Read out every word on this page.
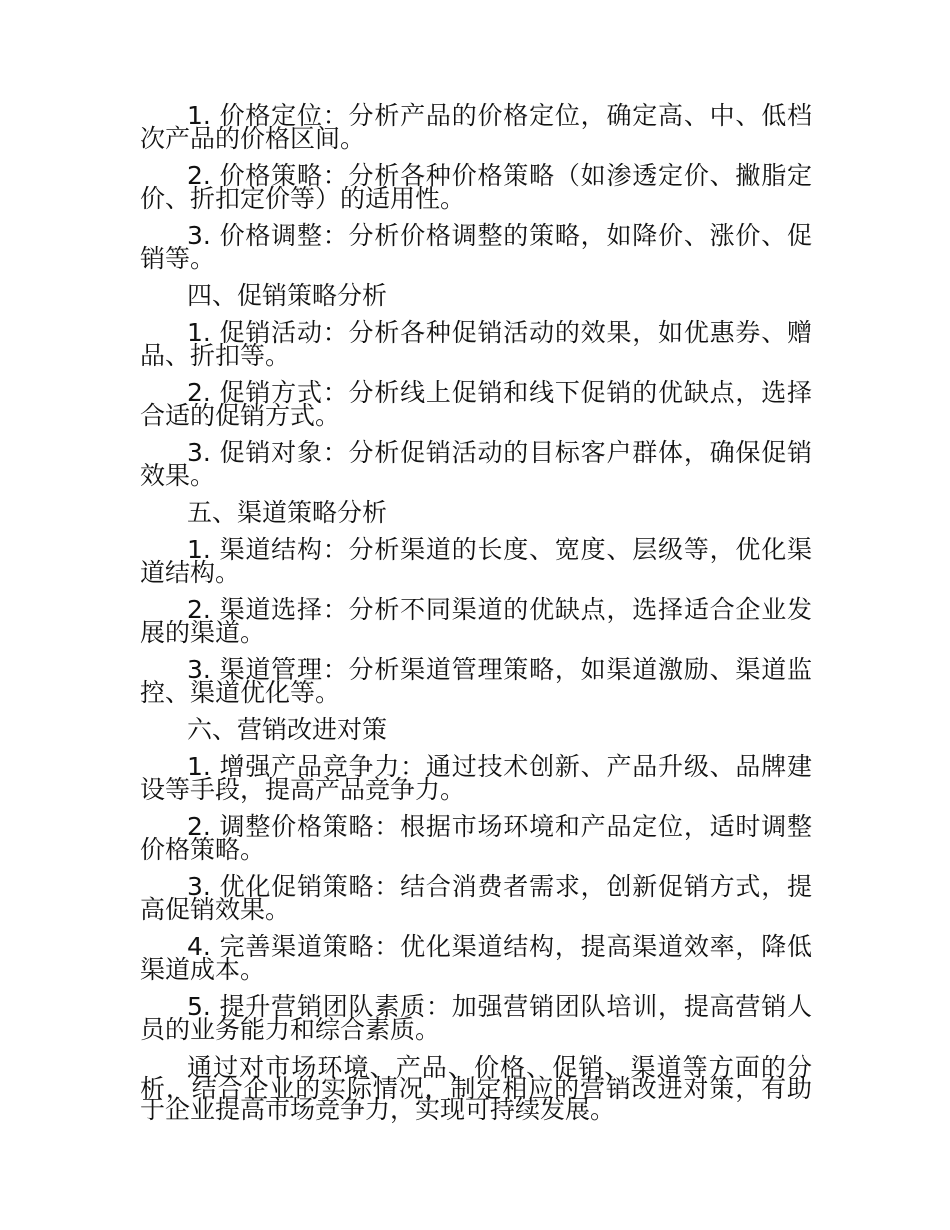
1. 价格定位：分析产品的价格定位，确定高、中、低档次产品的价格区间。

2. 价格策略：分析各种价格策略（如渗透定价、撇脂定价、折扣定价等）的适用性。

3. 价格调整：分析价格调整的策略，如降价、涨价、促销等。

四、促销策略分析

1. 促销活动：分析各种促销活动的效果，如优惠券、赠品、折扣等。

2. 促销方式：分析线上促销和线下促销的优缺点，选择合适的促销方式。

3. 促销对象：分析促销活动的目标客户群体，确保促销效果。

五、渠道策略分析

1. 渠道结构：分析渠道的长度、宽度、层级等，优化渠道结构。

2. 渠道选择：分析不同渠道的优缺点，选择适合企业发展的渠道。

3. 渠道管理：分析渠道管理策略，如渠道激励、渠道监控、渠道优化等。

六、营销改进对策

1. 增强产品竞争力：通过技术创新、产品升级、品牌建设等手段，提高产品竞争力。

2. 调整价格策略：根据市场环境和产品定位，适时调整价格策略。

3. 优化促销策略：结合消费者需求，创新促销方式，提高促销效果。

4. 完善渠道策略：优化渠道结构，提高渠道效率，降低渠道成本。

5. 提升营销团队素质：加强营销团队培训，提高营销人员的业务能力和综合素质。

通过对市场环境、产品、价格、促销、渠道等方面的分析，结合企业的实际情况，制定相应的营销改进对策，有助于企业提高市场竞争力，实现可持续发展。
